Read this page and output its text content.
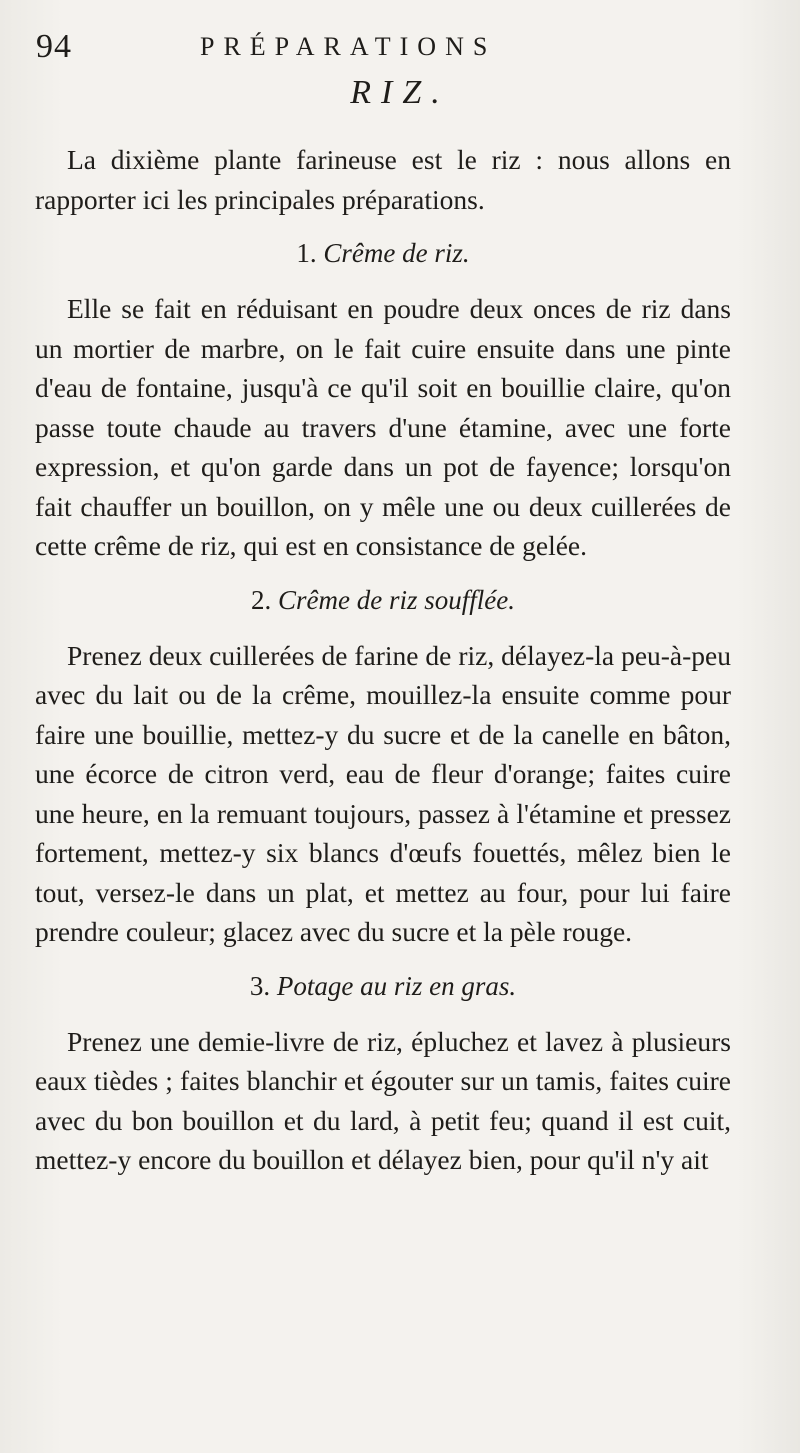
94	PRÉPARATIONS
RIZ.

La dixième plante farineuse est le riz : nous allons en rapporter ici les principales préparations.

1. Crême de riz.

Elle se fait en réduisant en poudre deux onces de riz dans un mortier de marbre, on le fait cuire ensuite dans une pinte d'eau de fontaine, jusqu'à ce qu'il soit en bouillie claire, qu'on passe toute chaude au travers d'une étamine, avec une forte expression, et qu'on garde dans un pot de fayence; lorsqu'on fait chauffer un bouillon, on y mêle une ou deux cuillerées de cette crême de riz, qui est en consistance de gelée.

2. Crême de riz soufflée.

Prenez deux cuillerées de farine de riz, délayez-la peu-à-peu avec du lait ou de la crême, mouillez-la ensuite comme pour faire une bouillie, mettez-y du sucre et de la canelle en bâton, une écorce de citron verd, eau de fleur d'orange; faites cuire une heure, en la remuant toujours, passez à l'étamine et pressez fortement, mettez-y six blancs d'œufs fouettés, mêlez bien le tout, versez-le dans un plat, et mettez au four, pour lui faire prendre couleur; glacez avec du sucre et la pèle rouge.

3. Potage au riz en gras.

Prenez une demie-livre de riz, épluchez et lavez à plusieurs eaux tièdes ; faites blanchir et égouter sur un tamis, faites cuire avec du bon bouillon et du lard, à petit feu; quand il est cuit, mettez-y encore du bouillon et délayez bien, pour qu'il n'y ait
